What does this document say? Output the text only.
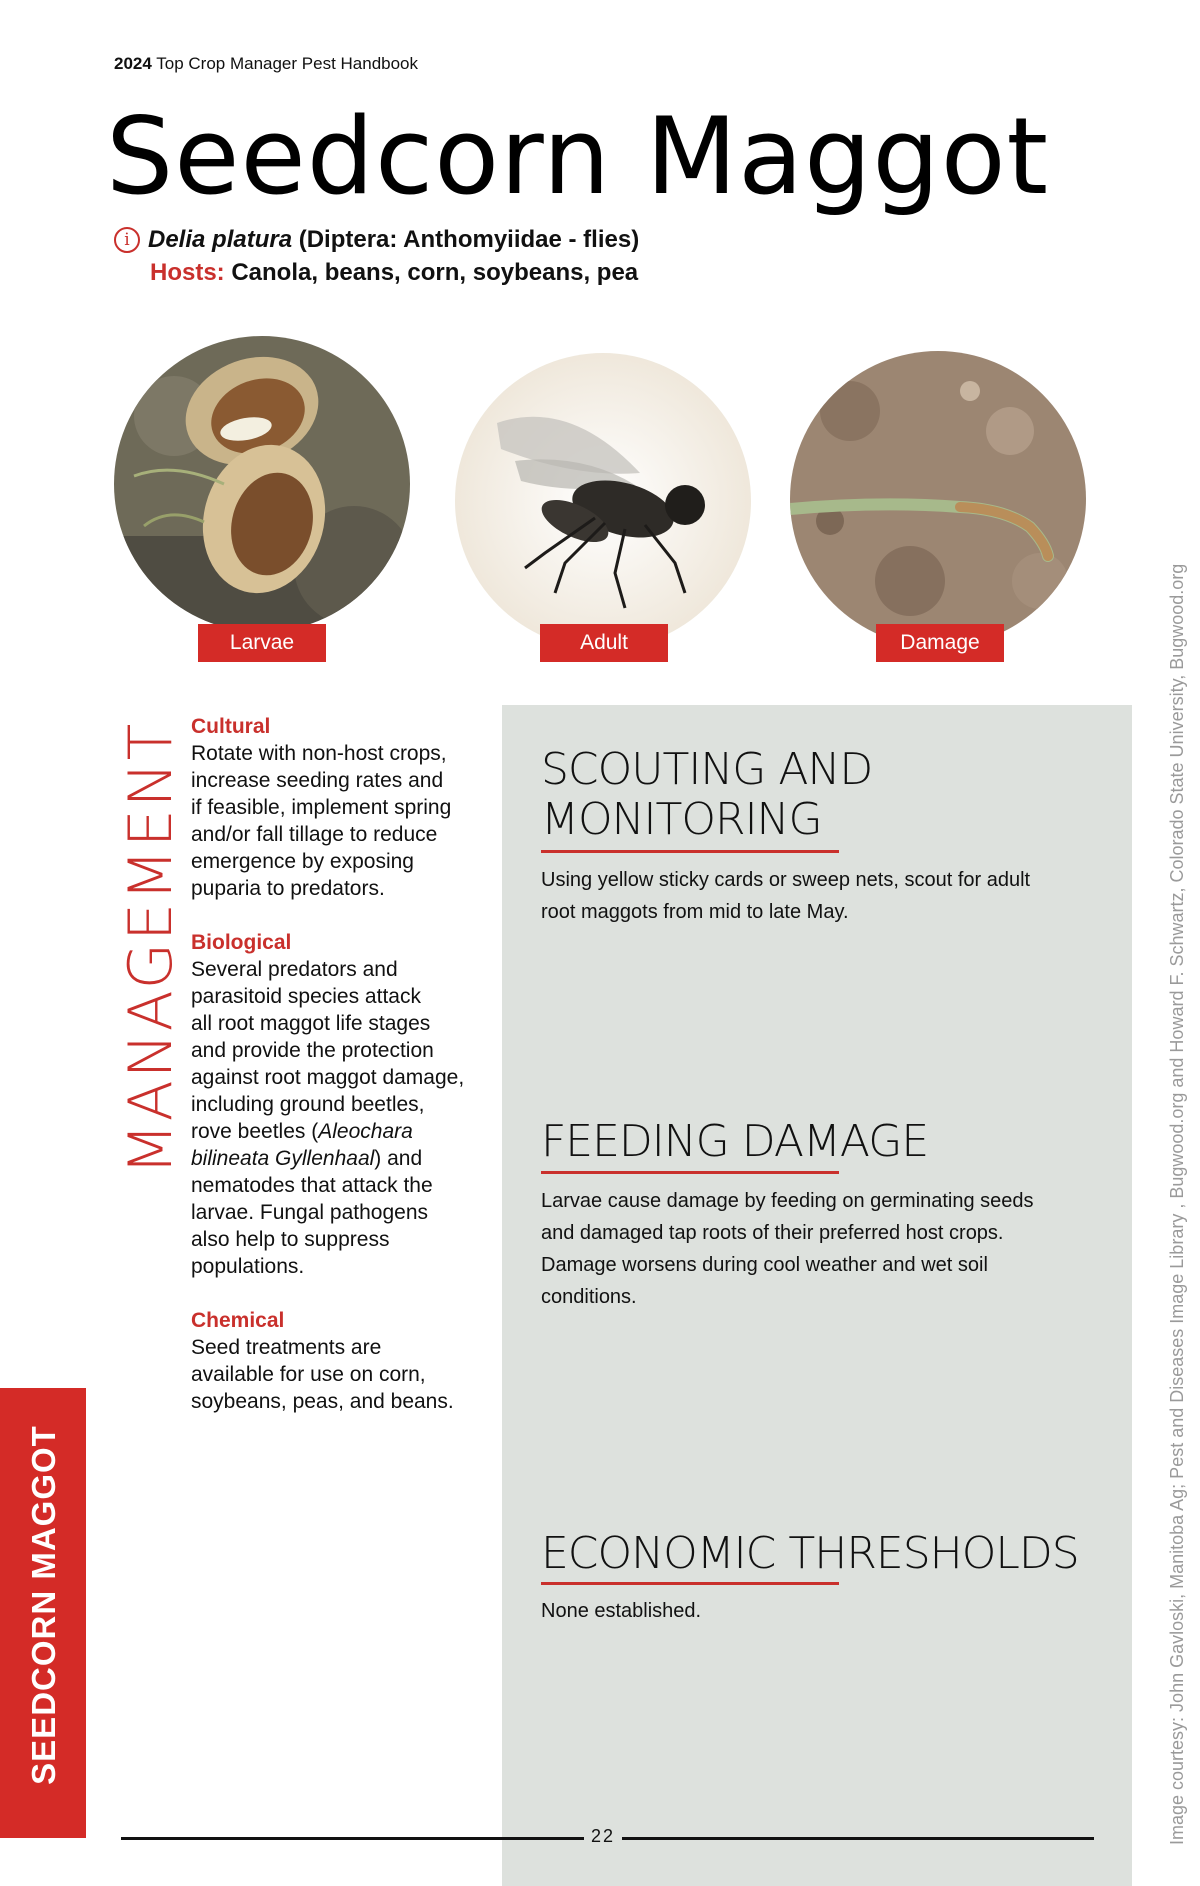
2024 Top Crop Manager Pest Handbook
Seedcorn Maggot
i Delia platura
(Diptera: Anthomyiidae - flies)
Hosts: Canola, beans, corn, soybeans, pea
Larvae	Adult	Damage
MANAGEMENT Cultural
Rotate with non-host crops,
increase seeding rates and
if feasible, implement spring
and/or fall tillage to reduce
emergence by exposing
puparia to predators.
Biological
Several predators and
parasitoid species attack
all root maggot life stages
and provide the protection
against root maggot damage,
including ground beetles,
rove beetles (Aleochara
bilineata Gyllenhaal) and
nematodes that attack the
larvae. Fungal pathogens
also help to suppress
populations.
Chemical
Seed treatments are
available for use on corn,
soybeans, peas, and beans.
SCOUTING AND
MONITORING
Using yellow sticky cards or sweep nets, scout for adult
root maggots from mid to late May.
FEEDING DAMAGE
Larvae cause damage by feeding on germinating seeds
and damaged tap roots of their preferred host crops.
Damage worsens during cool weather and wet soil
conditions.
ECONOMIC THRESHOLDS
None established.
SEEDCORN MAGGOT	Image courtesy: John Gavloski, Manitoba Ag; Pest and Diseases Image Library , Bugwood.org and Howard F. Schwartz, Colorado State University, Bugwood.org
22
